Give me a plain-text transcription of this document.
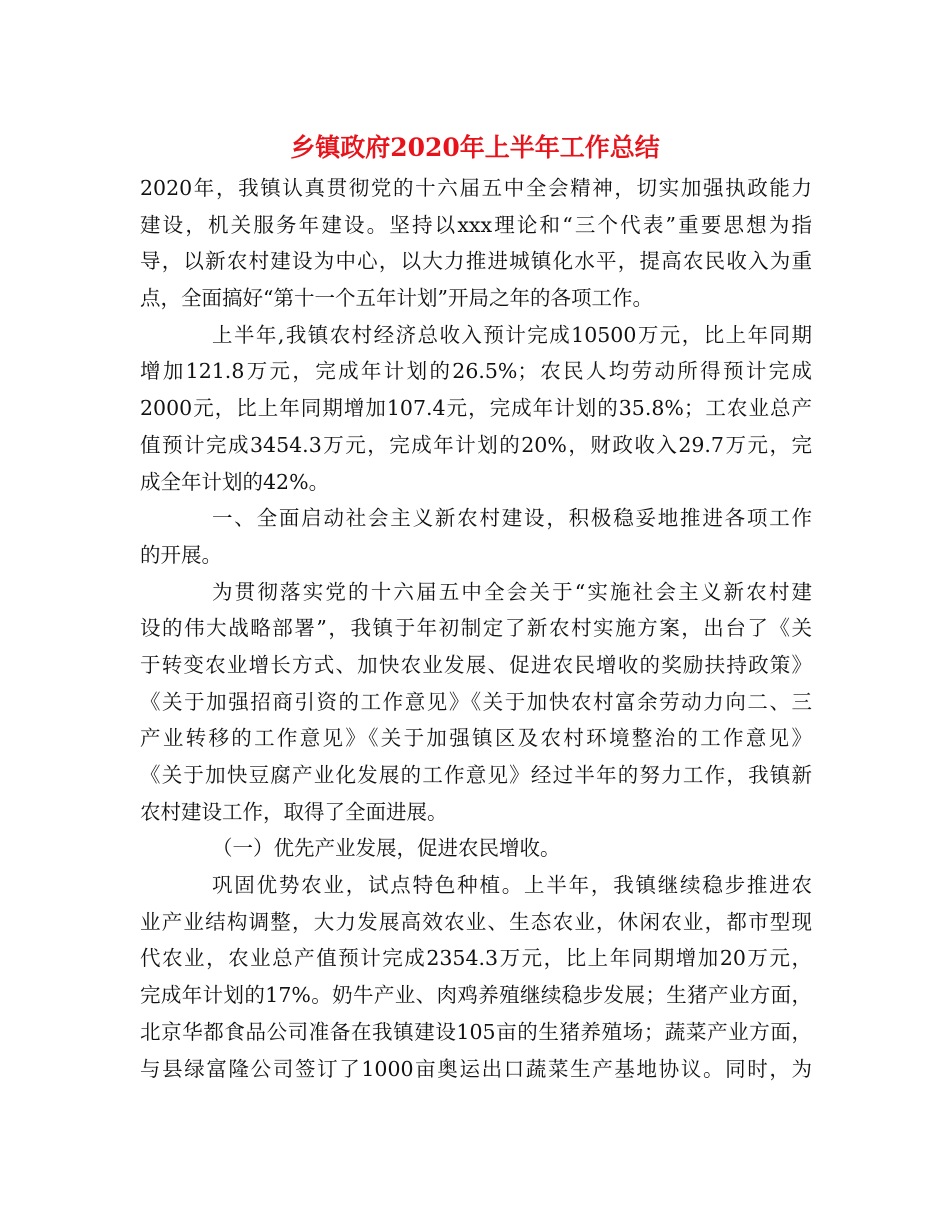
乡镇政府2020年上半年工作总结

2020年，我镇认真贯彻党的十六届五中全会精神，切实加强执政能力
建设，机关服务年建设。坚持以xxx理论和“三个代表”重要思想为指
导，以新农村建设为中心，以大力推进城镇化水平，提高农民收入为重
点，全面搞好“第十一个五年计划”开局之年的各项工作。

上半年,我镇农村经济总收入预计完成10500万元，比上年同期
增加121.8万元，完成年计划的26.5%；农民人均劳动所得预计完成
2000元，比上年同期增加107.4元，完成年计划的35.8%；工农业总产
值预计完成3454.3万元，完成年计划的20%，财政收入29.7万元，完
成全年计划的42%。

一、全面启动社会主义新农村建设，积极稳妥地推进各项工作
的开展。

为贯彻落实党的十六届五中全会关于“实施社会主义新农村建
设的伟大战略部署”，我镇于年初制定了新农村实施方案，出台了《关
于转变农业增长方式、加快农业发展、促进农民增收的奖励扶持政策》
《关于加强招商引资的工作意见》《关于加快农村富余劳动力向二、三
产业转移的工作意见》《关于加强镇区及农村环境整治的工作意见》
《关于加快豆腐产业化发展的工作意见》经过半年的努力工作，我镇新
农村建设工作，取得了全面进展。

（一）优先产业发展，促进农民增收。

巩固优势农业，试点特色种植。上半年，我镇继续稳步推进农
业产业结构调整，大力发展高效农业、生态农业，休闲农业，都市型现
代农业，农业总产值预计完成2354.3万元，比上年同期增加20万元，
完成年计划的17%。奶牛产业、肉鸡养殖继续稳步发展；生猪产业方面，
北京华都食品公司准备在我镇建设105亩的生猪养殖场；蔬菜产业方面，
与县绿富隆公司签订了1000亩奥运出口蔬菜生产基地协议。同时，为
